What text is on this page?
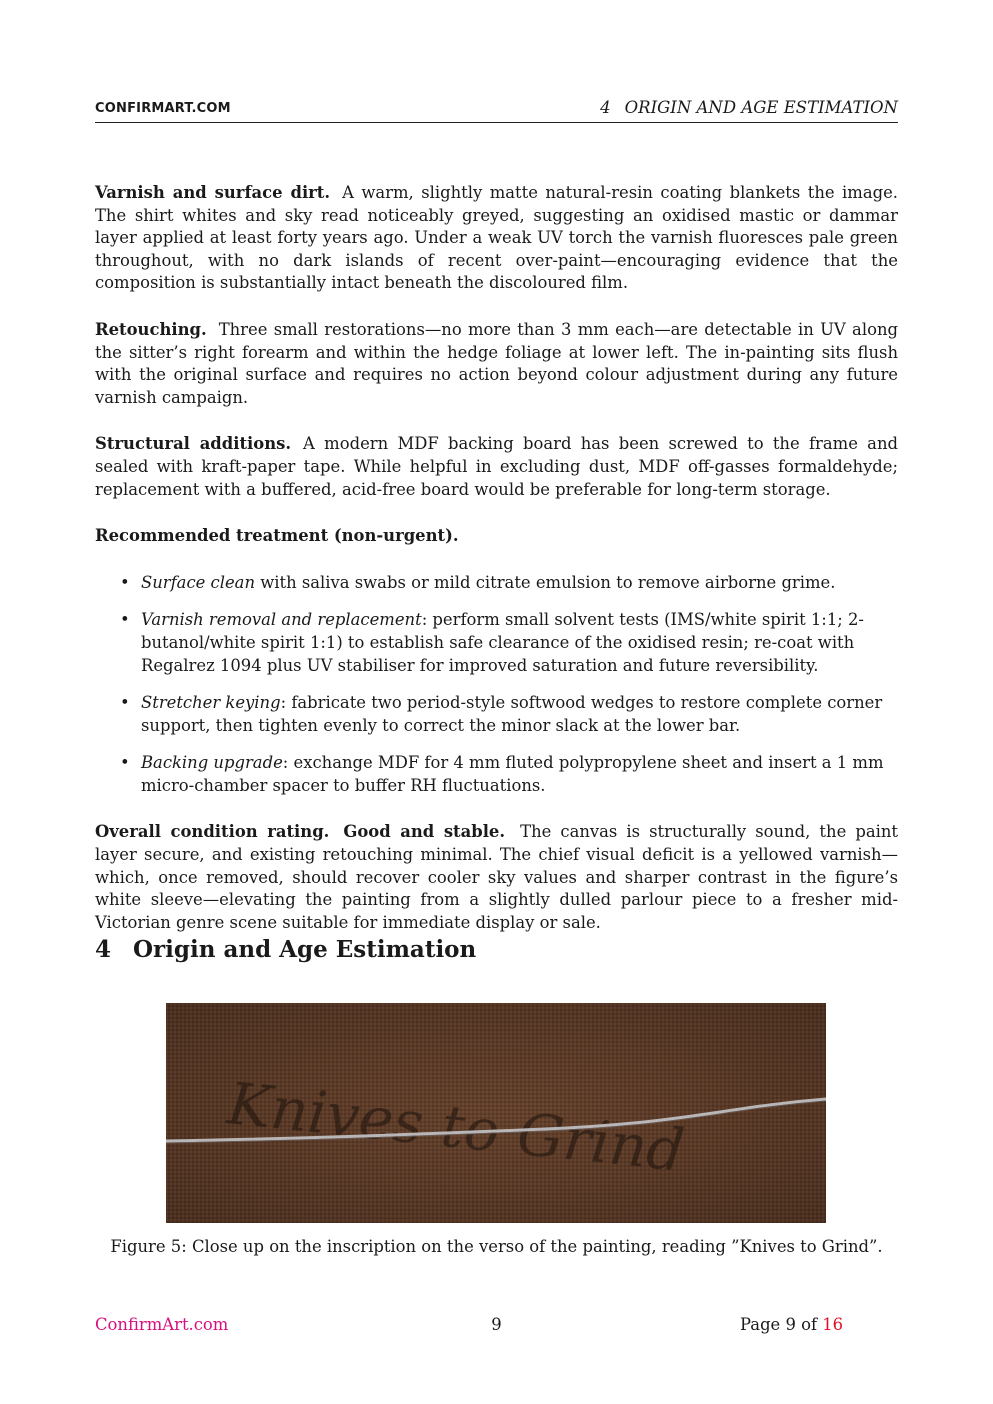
CONFIRMART.COM	4 ORIGIN AND AGE ESTIMATION

Varnish and surface dirt. A warm, slightly matte natural-resin coating blankets the image. The shirt whites and sky read noticeably greyed, suggesting an oxidised mastic or dammar layer applied at least forty years ago. Under a weak UV torch the varnish fluoresces pale green throughout, with no dark islands of recent over-paint—encouraging evidence that the composition is substantially intact beneath the discoloured film.

Retouching. Three small restorations—no more than 3 mm each—are detectable in UV along the sitter’s right forearm and within the hedge foliage at lower left. The in-painting sits flush with the original surface and requires no action beyond colour adjustment during any future varnish campaign.

Structural additions. A modern MDF backing board has been screwed to the frame and sealed with kraft-paper tape. While helpful in excluding dust, MDF off-gasses formaldehyde; replacement with a buffered, acid-free board would be preferable for long-term storage.

Recommended treatment (non-urgent).

• Surface clean with saliva swabs or mild citrate emulsion to remove airborne grime.
• Varnish removal and replacement: perform small solvent tests (IMS/white spirit 1:1; 2-butanol/white spirit 1:1) to establish safe clearance of the oxidised resin; re-coat with Regalrez 1094 plus UV stabiliser for improved saturation and future reversibility.
• Stretcher keying: fabricate two period-style softwood wedges to restore complete corner support, then tighten evenly to correct the minor slack at the lower bar.
• Backing upgrade: exchange MDF for 4 mm fluted polypropylene sheet and insert a 1 mm micro-chamber spacer to buffer RH fluctuations.

Overall condition rating. Good and stable. The canvas is structurally sound, the paint layer secure, and existing retouching minimal. The chief visual deficit is a yellowed varnish—which, once removed, should recover cooler sky values and sharper contrast in the figure’s white sleeve—elevating the painting from a slightly dulled parlour piece to a fresher mid-Victorian genre scene suitable for immediate display or sale.

4 Origin and Age Estimation
Knives to Grind
Figure 5: Close up on the inscription on the verso of the painting, reading ”Knives to Grind”.
ConfirmArt.com	9	Page 9 of 16
